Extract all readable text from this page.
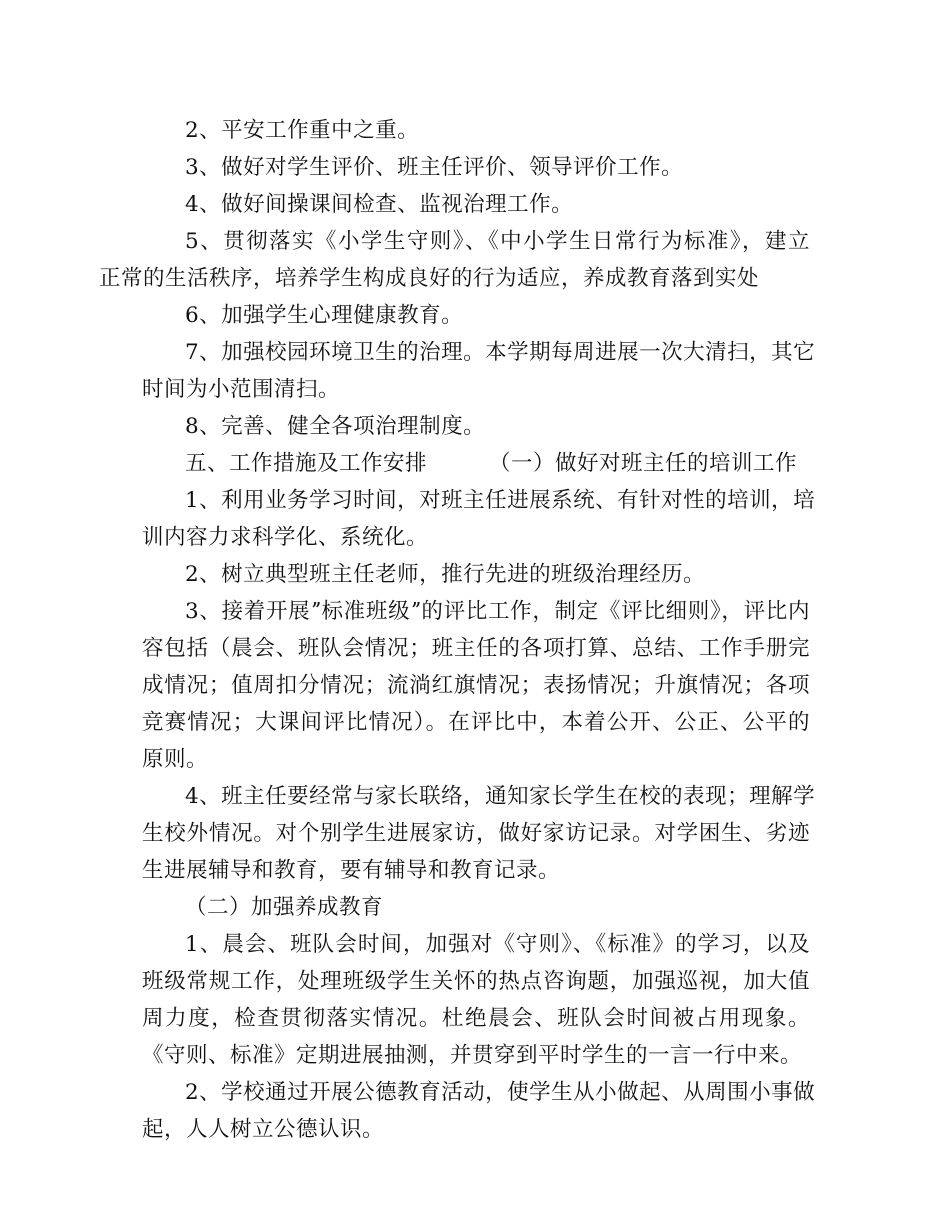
2、平安工作重中之重。

3、做好对学生评价、班主任评价、领导评价工作。

4、做好间操课间检查、监视治理工作。

5、贯彻落实《小学生守则》、《中小学生日常行为标准》，建立
正常的生活秩序，培养学生构成良好的行为适应，养成教育落到实处

6、加强学生心理健康教育。

7、加强校园环境卫生的治理。本学期每周进展一次大清扫，其它
时间为小范围清扫。

8、完善、健全各项治理制度。

五、工作措施及工作安排	（一）做好对班主任的培训工作

1、利用业务学习时间，对班主任进展系统、有针对性的培训，培
训内容力求科学化、系统化。

2、树立典型班主任老师，推行先进的班级治理经历。

3、接着开展ˮ标准班级ˮ的评比工作，制定《评比细则》，评比内
容包括（晨会、班队会情况；班主任的各项打算、总结、工作手册完
成情况；值周扣分情况；流淌红旗情况；表扬情况；升旗情况；各项
竞赛情况；大课间评比情况）。在评比中，本着公开、公正、公平的
原则。

4、班主任要经常与家长联络，通知家长学生在校的表现；理解学
生校外情况。对个别学生进展家访，做好家访记录。对学困生、劣迹
生进展辅导和教育，要有辅导和教育记录。

（二）加强养成教育

1、晨会、班队会时间，加强对《守则》、《标准》的学习，以及
班级常规工作，处理班级学生关怀的热点咨询题，加强巡视，加大值
周力度，检查贯彻落实情况。杜绝晨会、班队会时间被占用现象。
《守则、标准》定期进展抽测，并贯穿到平时学生的一言一行中来。

2、学校通过开展公德教育活动，使学生从小做起、从周围小事做
起，人人树立公德认识。
